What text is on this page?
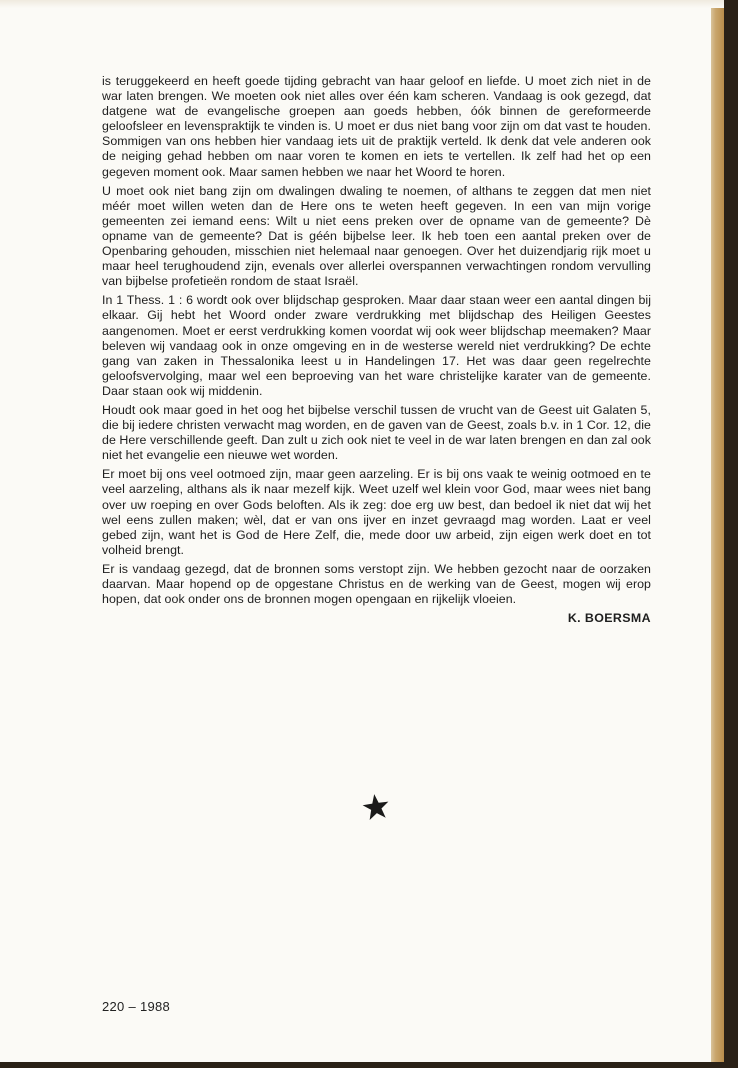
is teruggekeerd en heeft goede tijding gebracht van haar geloof en liefde. U moet zich niet in de war laten brengen. We moeten ook niet alles over één kam scheren. Vandaag is ook gezegd, dat datgene wat de evangelische groepen aan goeds hebben, óók binnen de gereformeerde geloofsleer en levenspraktijk te vinden is. U moet er dus niet bang voor zijn om dat vast te houden. Sommigen van ons hebben hier vandaag iets uit de praktijk verteld. Ik denk dat vele anderen ook de neiging gehad hebben om naar voren te komen en iets te vertellen. Ik zelf had het op een gegeven moment ook. Maar samen hebben we naar het Woord te horen.

U moet ook niet bang zijn om dwalingen dwaling te noemen, of althans te zeggen dat men niet méér moet willen weten dan de Here ons te weten heeft gegeven. In een van mijn vorige gemeenten zei iemand eens: Wilt u niet eens preken over de opname van de gemeente? Dè opname van de gemeente? Dat is géén bijbelse leer. Ik heb toen een aantal preken over de Openbaring gehouden, misschien niet helemaal naar genoegen. Over het duizendjarig rijk moet u maar heel terughoudend zijn, evenals over allerlei overspannen verwachtingen rondom vervulling van bijbelse profetieën rondom de staat Israël.

In 1 Thess. 1 : 6 wordt ook over blijdschap gesproken. Maar daar staan weer een aantal dingen bij elkaar. Gij hebt het Woord onder zware verdrukking met blijdschap des Heiligen Geestes aangenomen. Moet er eerst verdrukking komen voordat wij ook weer blijdschap meemaken? Maar beleven wij vandaag ook in onze omgeving en in de westerse wereld niet verdrukking? De echte gang van zaken in Thessalonika leest u in Handelingen 17. Het was daar geen regelrechte geloofsvervolging, maar wel een beproeving van het ware christelijke karater van de gemeente. Daar staan ook wij middenin.

Houdt ook maar goed in het oog het bijbelse verschil tussen de vrucht van de Geest uit Galaten 5, die bij iedere christen verwacht mag worden, en de gaven van de Geest, zoals b.v. in 1 Cor. 12, die de Here verschillende geeft. Dan zult u zich ook niet te veel in de war laten brengen en dan zal ook niet het evangelie een nieuwe wet worden.

Er moet bij ons veel ootmoed zijn, maar geen aarzeling. Er is bij ons vaak te weinig ootmoed en te veel aarzeling, althans als ik naar mezelf kijk. Weet uzelf wel klein voor God, maar wees niet bang over uw roeping en over Gods beloften. Als ik zeg: doe erg uw best, dan bedoel ik niet dat wij het wel eens zullen maken; wèl, dat er van ons ijver en inzet gevraagd mag worden. Laat er veel gebed zijn, want het is God de Here Zelf, die, mede door uw arbeid, zijn eigen werk doet en tot volheid brengt.

Er is vandaag gezegd, dat de bronnen soms verstopt zijn. We hebben gezocht naar de oorzaken daarvan. Maar hopend op de opgestane Christus en de werking van de Geest, mogen wij erop hopen, dat ook onder ons de bronnen mogen opengaan en rijkelijk vloeien.

K. BOERSMA
220 – 1988
